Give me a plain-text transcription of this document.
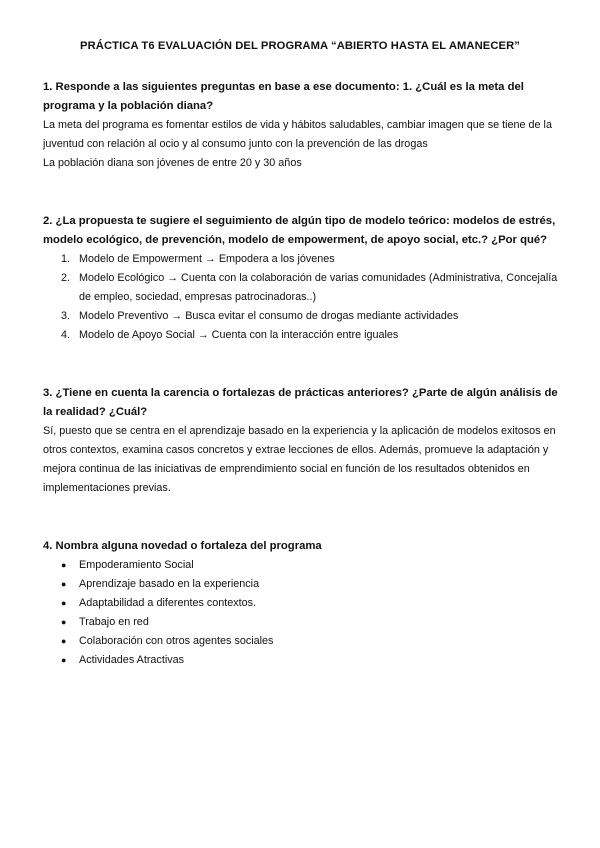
PRÁCTICA T6 EVALUACIÓN DEL PROGRAMA “ABIERTO HASTA EL AMANECER”

1. Responde a las siguientes preguntas en base a ese documento: 1. ¿Cuál es la meta del programa y la población diana?

La meta del programa es fomentar estilos de vida y hábitos saludables, cambiar imagen que se tiene de la juventud con relación al ocio y al consumo junto con la prevención de las drogas

La población diana son jóvenes de entre 20 y 30 años

2. ¿La propuesta te sugiere el seguimiento de algún tipo de modelo teórico: modelos de estrés, modelo ecológico, de prevención, modelo de empowerment, de apoyo social, etc.? ¿Por qué?

1. Modelo de Empowerment → Empodera a los jóvenes
2. Modelo Ecológico → Cuenta con la colaboración de varias comunidades (Administrativa, Concejalía de empleo, sociedad, empresas patrocinadoras..)
3. Modelo Preventivo → Busca evitar el consumo de drogas mediante actividades
4. Modelo de Apoyo Social → Cuenta con la interacción entre iguales

3. ¿Tiene en cuenta la carencia o fortalezas de prácticas anteriores? ¿Parte de algún análisis de la realidad? ¿Cuál?

Sí, puesto que se centra en el aprendizaje basado en la experiencia y la aplicación de modelos exitosos en otros contextos, examina casos concretos y extrae lecciones de ellos. Además, promueve la adaptación y mejora continua de las iniciativas de emprendimiento social en función de los resultados obtenidos en implementaciones previas.

4. Nombra alguna novedad o fortaleza del programa

● Empoderamiento Social
● Aprendizaje basado en la experiencia
● Adaptabilidad a diferentes contextos.
● Trabajo en red
● Colaboración con otros agentes sociales
● Actividades Atractivas
